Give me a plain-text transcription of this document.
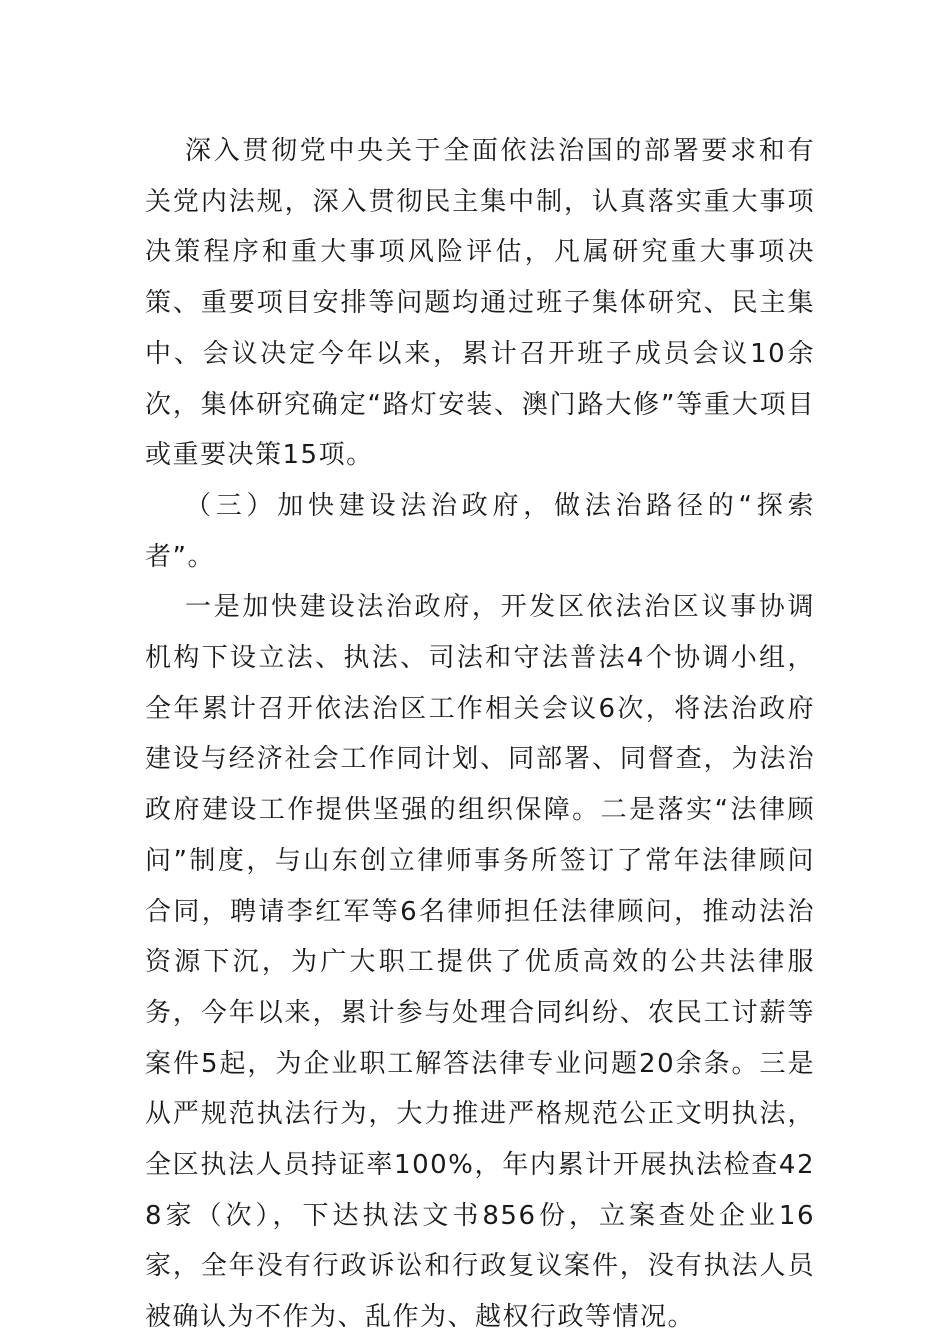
深入贯彻党中央关于全面依法治国的部署要求和有关党内法规，深入贯彻民主集中制，认真落实重大事项决策程序和重大事项风险评估，凡属研究重大事项决策、重要项目安排等问题均通过班子集体研究、民主集中、会议决定今年以来，累计召开班子成员会议10余次，集体研究确定“路灯安装、澳门路大修”等重大项目或重要决策15项。

（三）加快建设法治政府，做法治路径的“探索者”。

一是加快建设法治政府，开发区依法治区议事协调机构下设立法、执法、司法和守法普法4个协调小组，全年累计召开依法治区工作相关会议6次，将法治政府建设与经济社会工作同计划、同部署、同督查，为法治政府建设工作提供坚强的组织保障。二是落实“法律顾问”制度，与山东创立律师事务所签订了常年法律顾问合同，聘请李红军等6名律师担任法律顾问，推动法治资源下沉，为广大职工提供了优质高效的公共法律服务，今年以来，累计参与处理合同纠纷、农民工讨薪等案件5起，为企业职工解答法律专业问题20余条。三是从严规范执法行为，大力推进严格规范公正文明执法，全区执法人员持证率100%，年内累计开展执法检查428家（次），下达执法文书856份，立案查处企业16家，全年没有行政诉讼和行政复议案件，没有执法人员被确认为不作为、乱作为、越权行政等情况。
